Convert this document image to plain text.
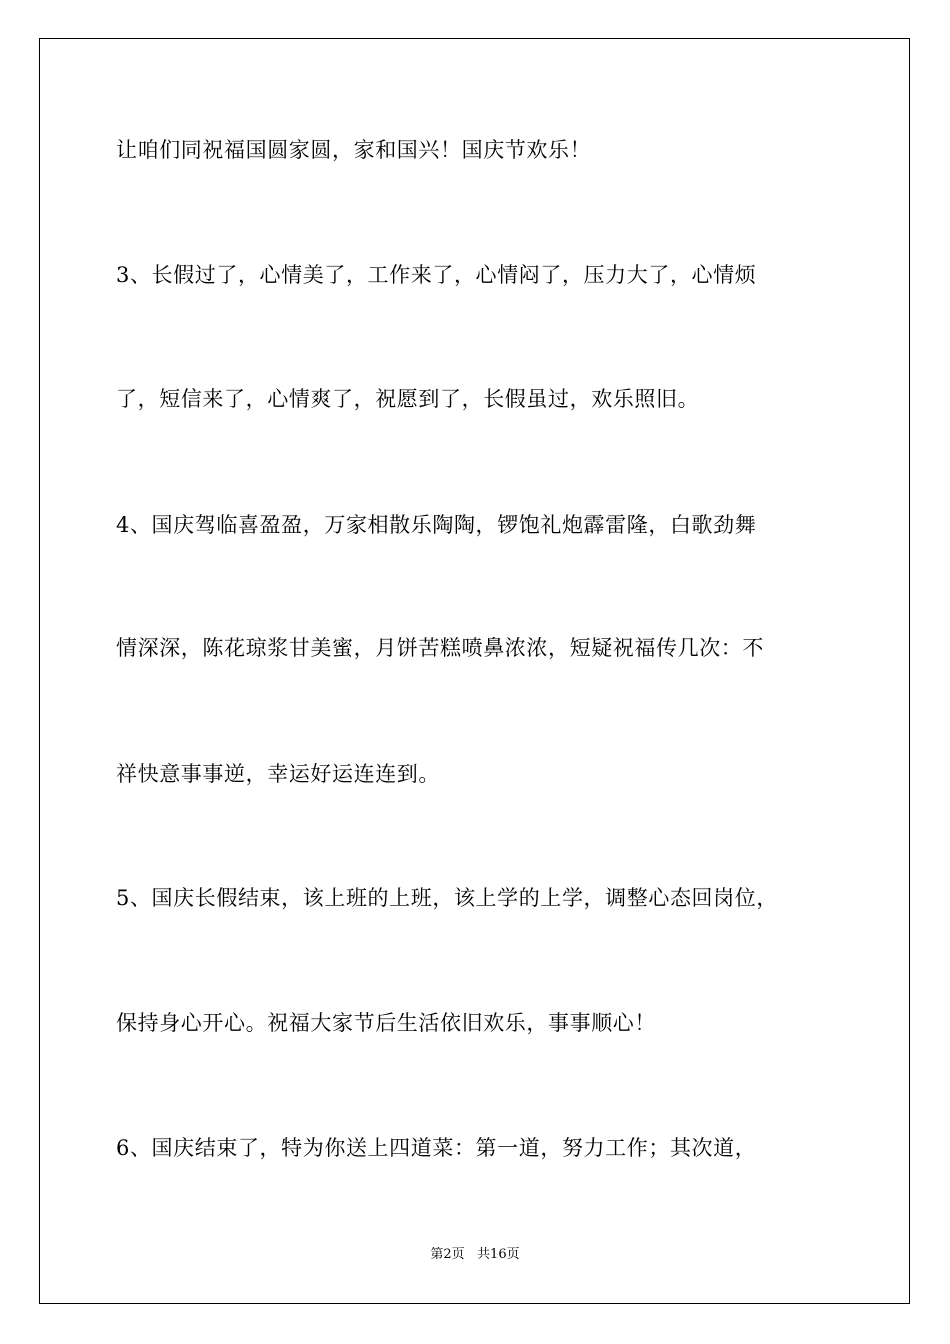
让咱们同祝福国圆家圆，家和国兴！国庆节欢乐！
3、长假过了，心情美了，工作来了，心情闷了，压力大了，心情烦
了，短信来了，心情爽了，祝愿到了，长假虽过，欢乐照旧。
4、国庆驾临喜盈盈，万家相散乐陶陶，锣饱礼炮霹雷隆，白歌劲舞
情深深，陈花琼浆甘美蜜，月饼苦糕喷鼻浓浓，短疑祝福传几次：不
祥快意事事逆，幸运好运连连到。
5、国庆长假结束，该上班的上班，该上学的上学，调整心态回岗位，
保持身心开心。祝福大家节后生活依旧欢乐，事事顺心！
6、国庆结束了，特为你送上四道菜：第一道，努力工作；其次道，
第2页   共16页
